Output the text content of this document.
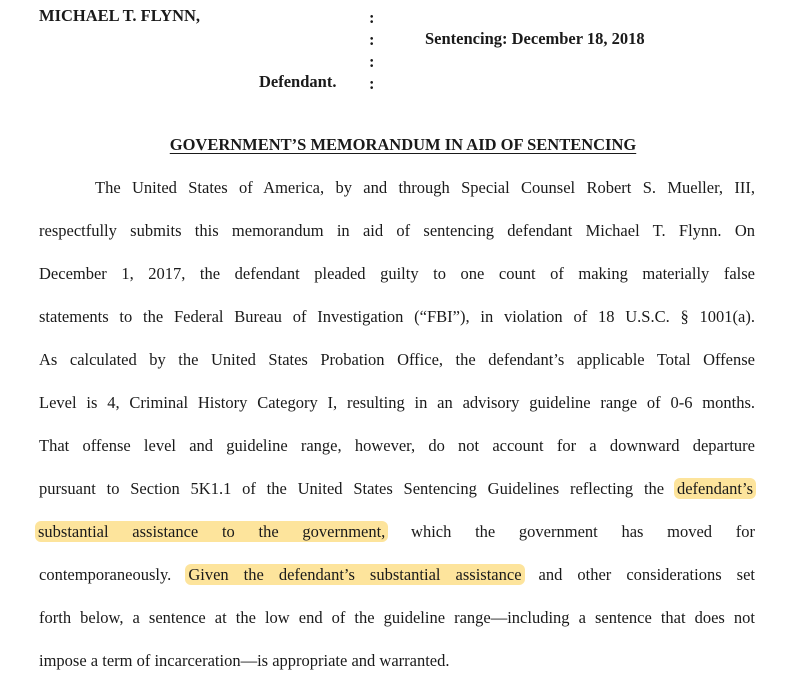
MICHAEL T. FLYNN,	:
:	Sentencing: December 18, 2018
:
:
Defendant.
GOVERNMENT’S MEMORANDUM IN AID OF SENTENCING
The United States of America, by and through Special Counsel Robert S. Mueller, III,
respectfully submits this memorandum in aid of sentencing defendant Michael T. Flynn. On
December 1, 2017, the defendant pleaded guilty to one count of making materially false
statements to the Federal Bureau of Investigation (“FBI”), in violation of 18 U.S.C. § 1001(a).
As calculated by the United States Probation Office, the defendant’s applicable Total Offense
Level is 4, Criminal History Category I, resulting in an advisory guideline range of 0-6 months.
That offense level and guideline range, however, do not account for a downward departure
pursuant to Section 5K1.1 of the United States Sentencing Guidelines reflecting the defendant’s
substantial assistance to the government, which the government has moved for
contemporaneously. Given the defendant’s substantial assistance and other considerations set
forth below, a sentence at the low end of the guideline range—including a sentence that does not
impose a term of incarceration—is appropriate and warranted.
